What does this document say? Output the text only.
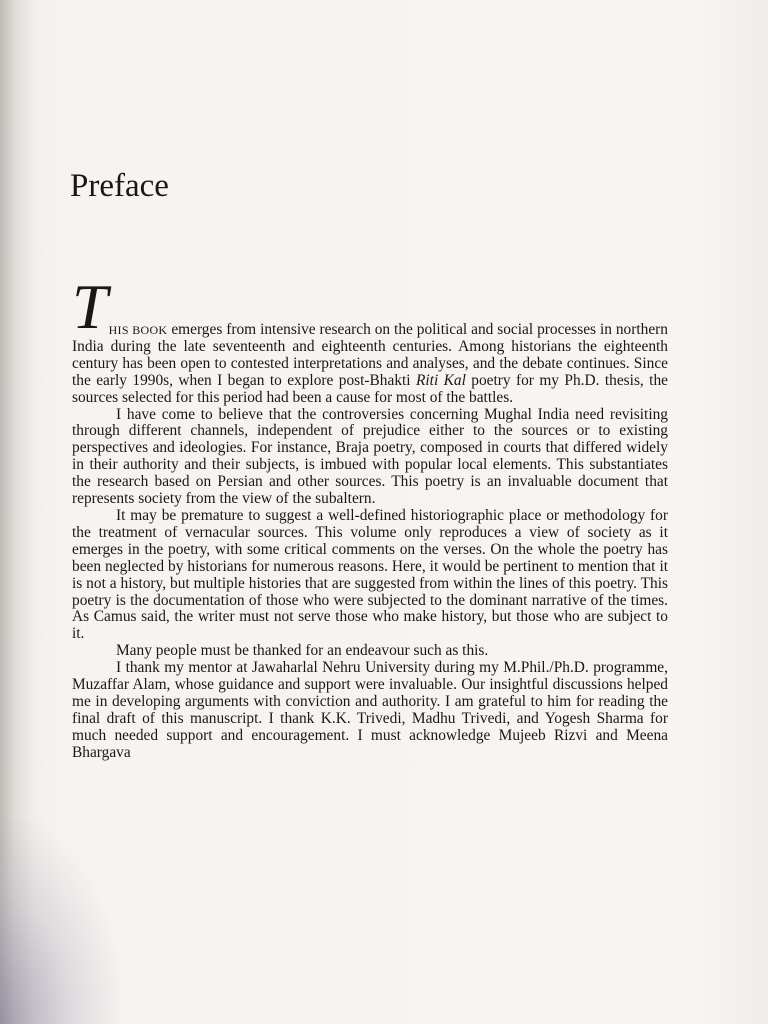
Preface

T HIS BOOK emerges from intensive research on the political and social processes in northern India during the late seventeenth and eighteenth centuries. Among historians the eighteenth century has been open to contested interpretations and analyses, and the debate continues. Since the early 1990s, when I began to explore post-Bhakti Riti Kal poetry for my Ph.D. thesis, the sources selected for this period had been a cause for most of the battles.

I have come to believe that the controversies concerning Mughal India need revisiting through different channels, independent of prejudice either to the sources or to existing perspectives and ideologies. For instance, Braja poetry, composed in courts that differed widely in their authority and their subjects, is imbued with popular local elements. This substantiates the research based on Persian and other sources. This poetry is an invaluable document that represents society from the view of the subaltern.

It may be premature to suggest a well-defined historiographic place or methodology for the treatment of vernacular sources. This volume only reproduces a view of society as it emerges in the poetry, with some critical comments on the verses. On the whole the poetry has been neglected by historians for numerous reasons. Here, it would be pertinent to mention that it is not a history, but multiple histories that are suggested from within the lines of this poetry. This poetry is the documentation of those who were subjected to the dominant narrative of the times. As Camus said, the writer must not serve those who make history, but those who are subject to it.

Many people must be thanked for an endeavour such as this.

I thank my mentor at Jawaharlal Nehru University during my M.Phil./Ph.D. programme, Muzaffar Alam, whose guidance and support were invaluable. Our insightful discussions helped me in developing arguments with conviction and authority. I am grateful to him for reading the final draft of this manuscript. I thank K.K. Trivedi, Madhu Trivedi, and Yogesh Sharma for much needed support and encouragement. I must acknowledge Mujeeb Rizvi and Meena Bhargava
